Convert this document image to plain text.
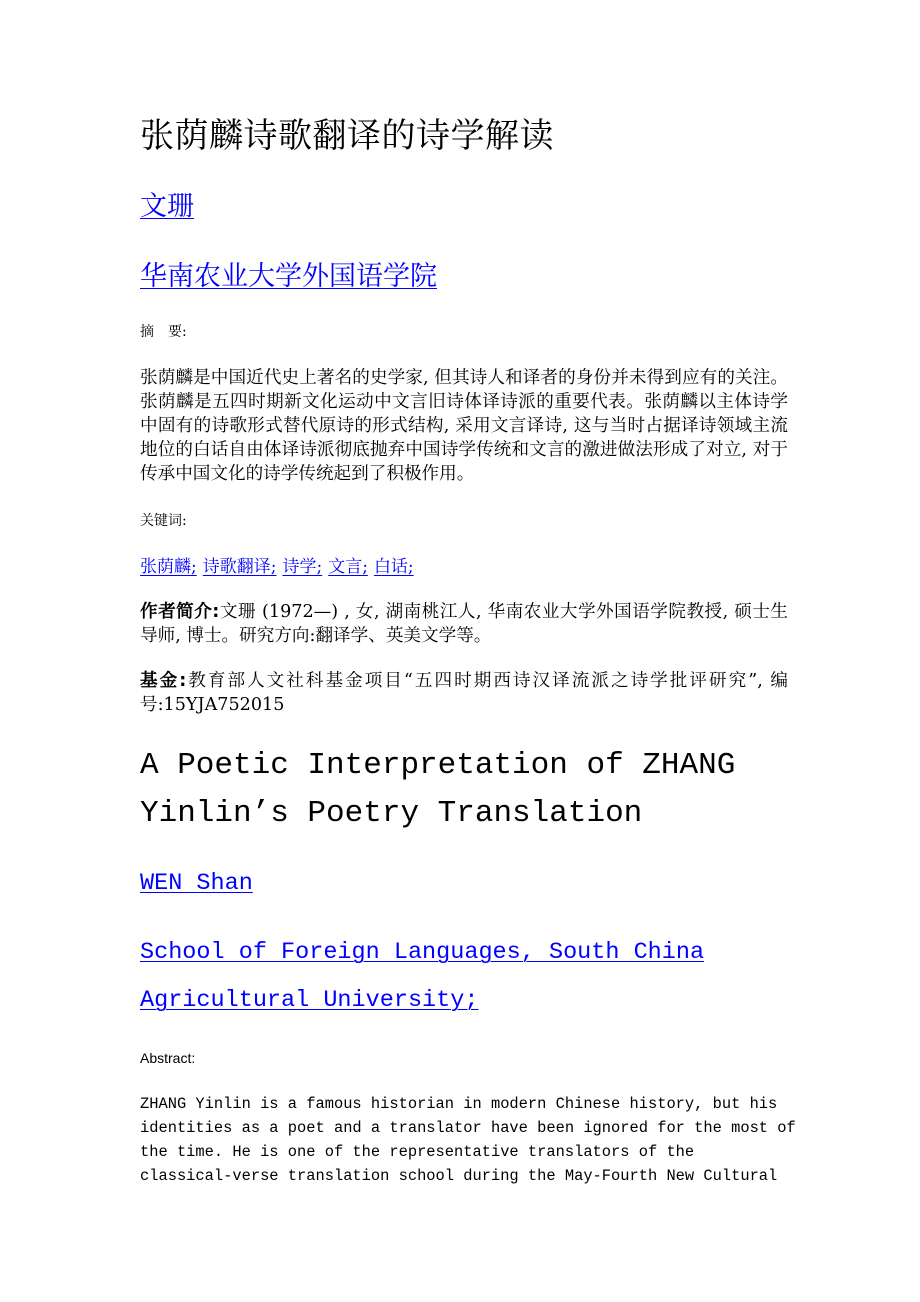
张荫麟诗歌翻译的诗学解读
文珊
华南农业大学外国语学院
摘 要:

张荫麟是中国近代史上著名的史学家, 但其诗人和译者的身份并未得到应有的关注。张荫麟是五四时期新文化运动中文言旧诗体译诗派的重要代表。张荫麟以主体诗学中固有的诗歌形式替代原诗的形式结构, 采用文言译诗, 这与当时占据译诗领域主流地位的白话自由体译诗派彻底抛弃中国诗学传统和文言的激进做法形成了对立, 对于传承中国文化的诗学传统起到了积极作用。

关键词:
张荫麟; 诗歌翻译; 诗学; 文言; 白话;

作者简介:文珊 (1972—) , 女, 湖南桃江人, 华南农业大学外国语学院教授, 硕士生导师, 博士。研究方向:翻译学、英美文学等。

基金:教育部人文社科基金项目“五四时期西诗汉译流派之诗学批评研究”, 编号:15YJA752015

A Poetic Interpretation of ZHANG Yinlin’s Poetry Translation
WEN Shan
School of Foreign Languages, South China
Agricultural University;
Abstract:
ZHANG Yinlin is a famous historian in modern Chinese history, but his
identities as a poet and a translator have been ignored for the most of
the time. He is one of the representative translators of the
classical-verse translation school during the May-Fourth New Cultural
